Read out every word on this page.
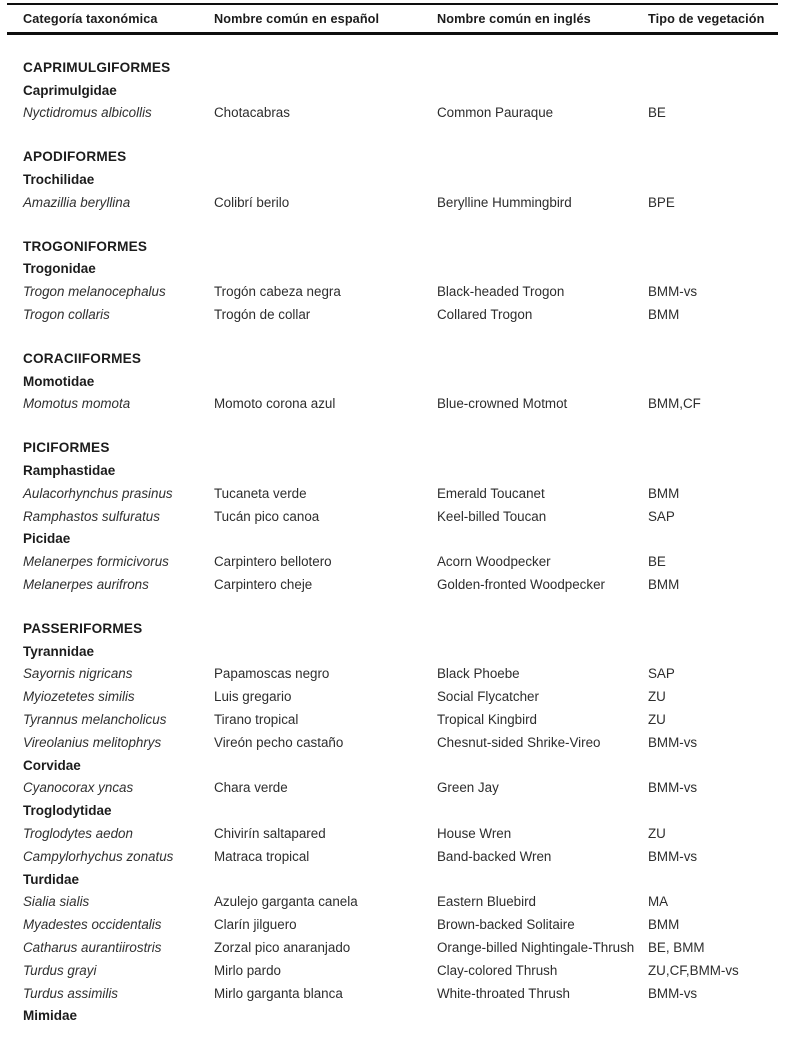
Categoría taxonómica	Nombre común en español	Nombre común en inglés	Tipo de vegetación
CAPRIMULGIFORMES
Caprimulgidae
Nyctidromus albicollis	Chotacabras	Common Pauraque	BE
APODIFORMES
Trochilidae
Amazillia beryllina	Colibrí berilo	Berylline Hummingbird	BPE
TROGONIFORMES
Trogonidae
Trogon melanocephalus	Trogón cabeza negra	Black-headed Trogon	BMM-vs
Trogon collaris	Trogón de collar	Collared Trogon	BMM
CORACIIFORMES
Momotidae
Momotus momota	Momoto corona azul	Blue-crowned Motmot	BMM,CF
PICIFORMES
Ramphastidae
Aulacorhynchus prasinus	Tucaneta verde	Emerald Toucanet	BMM
Ramphastos sulfuratus	Tucán pico canoa	Keel-billed Toucan	SAP
Picidae
Melanerpes formicivorus	Carpintero bellotero	Acorn Woodpecker	BE
Melanerpes aurifrons	Carpintero cheje	Golden-fronted Woodpecker	BMM
PASSERIFORMES
Tyrannidae
Sayornis nigricans	Papamoscas negro	Black Phoebe	SAP
Myiozetetes similis	Luis gregario	Social Flycatcher	ZU
Tyrannus melancholicus	Tirano tropical	Tropical Kingbird	ZU
Vireolanius melitophrys	Vireón pecho castaño	Chesnut-sided Shrike-Vireo	BMM-vs
Corvidae
Cyanocorax yncas	Chara verde	Green Jay	BMM-vs
Troglodytidae
Troglodytes aedon	Chivirín saltapared	House Wren	ZU
Campylorhychus zonatus	Matraca tropical	Band-backed Wren	BMM-vs
Turdidae
Sialia sialis	Azulejo garganta canela	Eastern Bluebird	MA
Myadestes occidentalis	Clarín jilguero	Brown-backed Solitaire	BMM
Catharus aurantiirostris	Zorzal pico anaranjado	Orange-billed Nightingale-Thrush	BE, BMM
Turdus grayi	Mirlo pardo	Clay-colored Thrush	ZU,CF,BMM-vs
Turdus assimilis	Mirlo garganta blanca	White-throated Thrush	BMM-vs
Mimidae
